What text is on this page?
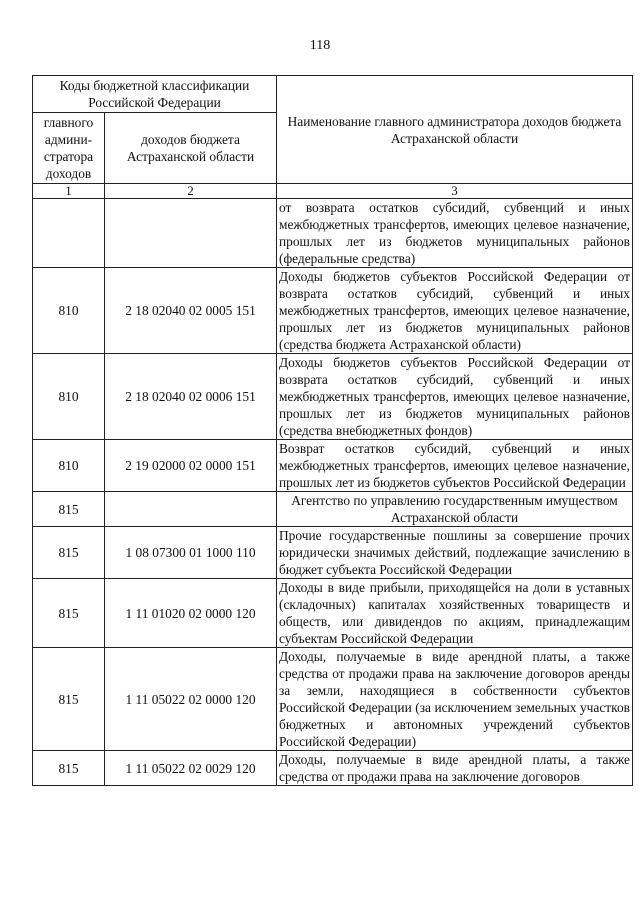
118
Коды бюджетной классификации Российской Федерации		Наименование главного администратора доходов бюджета Астраханской области
главного админи-стратора доходов	доходов бюджета Астраханской области	
1	2	3
		от возврата остатков субсидий, субвенций и иных межбюджетных трансфертов, имеющих целевое назначение, прошлых лет из бюджетов муниципальных районов (федеральные средства)
810	2 18 02040 02 0005 151	Доходы бюджетов субъектов Российской Федерации от возврата остатков субсидий, субвенций и иных межбюджетных трансфертов, имеющих целевое назначение, прошлых лет из бюджетов муниципальных районов (средства бюджета Астраханской области)
810	2 18 02040 02 0006 151	Доходы бюджетов субъектов Российской Федерации от возврата остатков субсидий, субвенций и иных межбюджетных трансфертов, имеющих целевое назначение, прошлых лет из бюджетов муниципальных районов (средства внебюджетных фондов)
810	2 19 02000 02 0000 151	Возврат остатков субсидий, субвенций и иных межбюджетных трансфертов, имеющих целевое назначение, прошлых лет из бюджетов субъектов Российской Федерации
815		Агентство по управлению государственным имуществом Астраханской области
815	1 08 07300 01 1000 110	Прочие государственные пошлины за совершение прочих юридически значимых действий, подлежащие зачислению в бюджет субъекта Российской Федерации
815	1 11 01020 02 0000 120	Доходы в виде прибыли, приходящейся на доли в уставных (складочных) капиталах хозяйственных товариществ и обществ, или дивидендов по акциям, принадлежащим субъектам Российской Федерации
815	1 11 05022 02 0000 120	Доходы, получаемые в виде арендной платы, а также средства от продажи права на заключение договоров аренды за земли, находящиеся в собственности субъектов Российской Федерации (за исключением земельных участков бюджетных и автономных учреждений субъектов Российской Федерации)
815	1 11 05022 02 0029 120	Доходы, получаемые в виде арендной платы, а также средства от продажи права на заключение договоров
